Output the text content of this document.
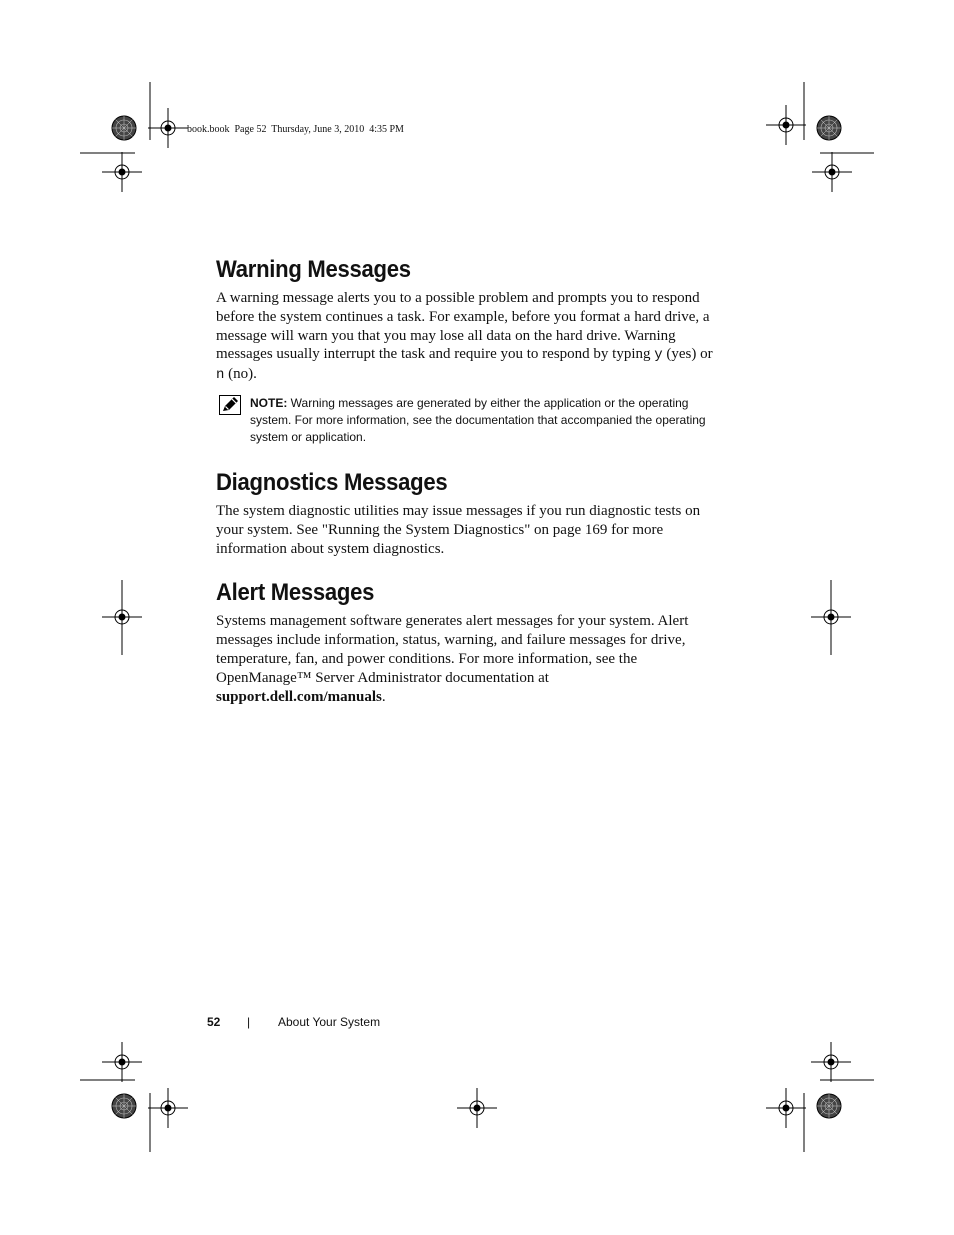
book.book  Page 52  Thursday, June 3, 2010  4:35 PM
Warning Messages

A warning message alerts you to a possible problem and prompts you to respond before the system continues a task. For example, before you format a hard drive, a message will warn you that you may lose all data on the hard drive. Warning messages usually interrupt the task and require you to respond by typing y (yes) or n (no).

NOTE: Warning messages are generated by either the application or the operating system. For more information, see the documentation that accompanied the operating system or application.
Diagnostics Messages

The system diagnostic utilities may issue messages if you run diagnostic tests on your system. See "Running the System Diagnostics" on page 169 for more information about system diagnostics.

Alert Messages

Systems management software generates alert messages for your system. Alert messages include information, status, warning, and failure messages for drive, temperature, fan, and power conditions. For more information, see the OpenManage™ Server Administrator documentation at
support.dell.com/manuals.

52 | About Your System
